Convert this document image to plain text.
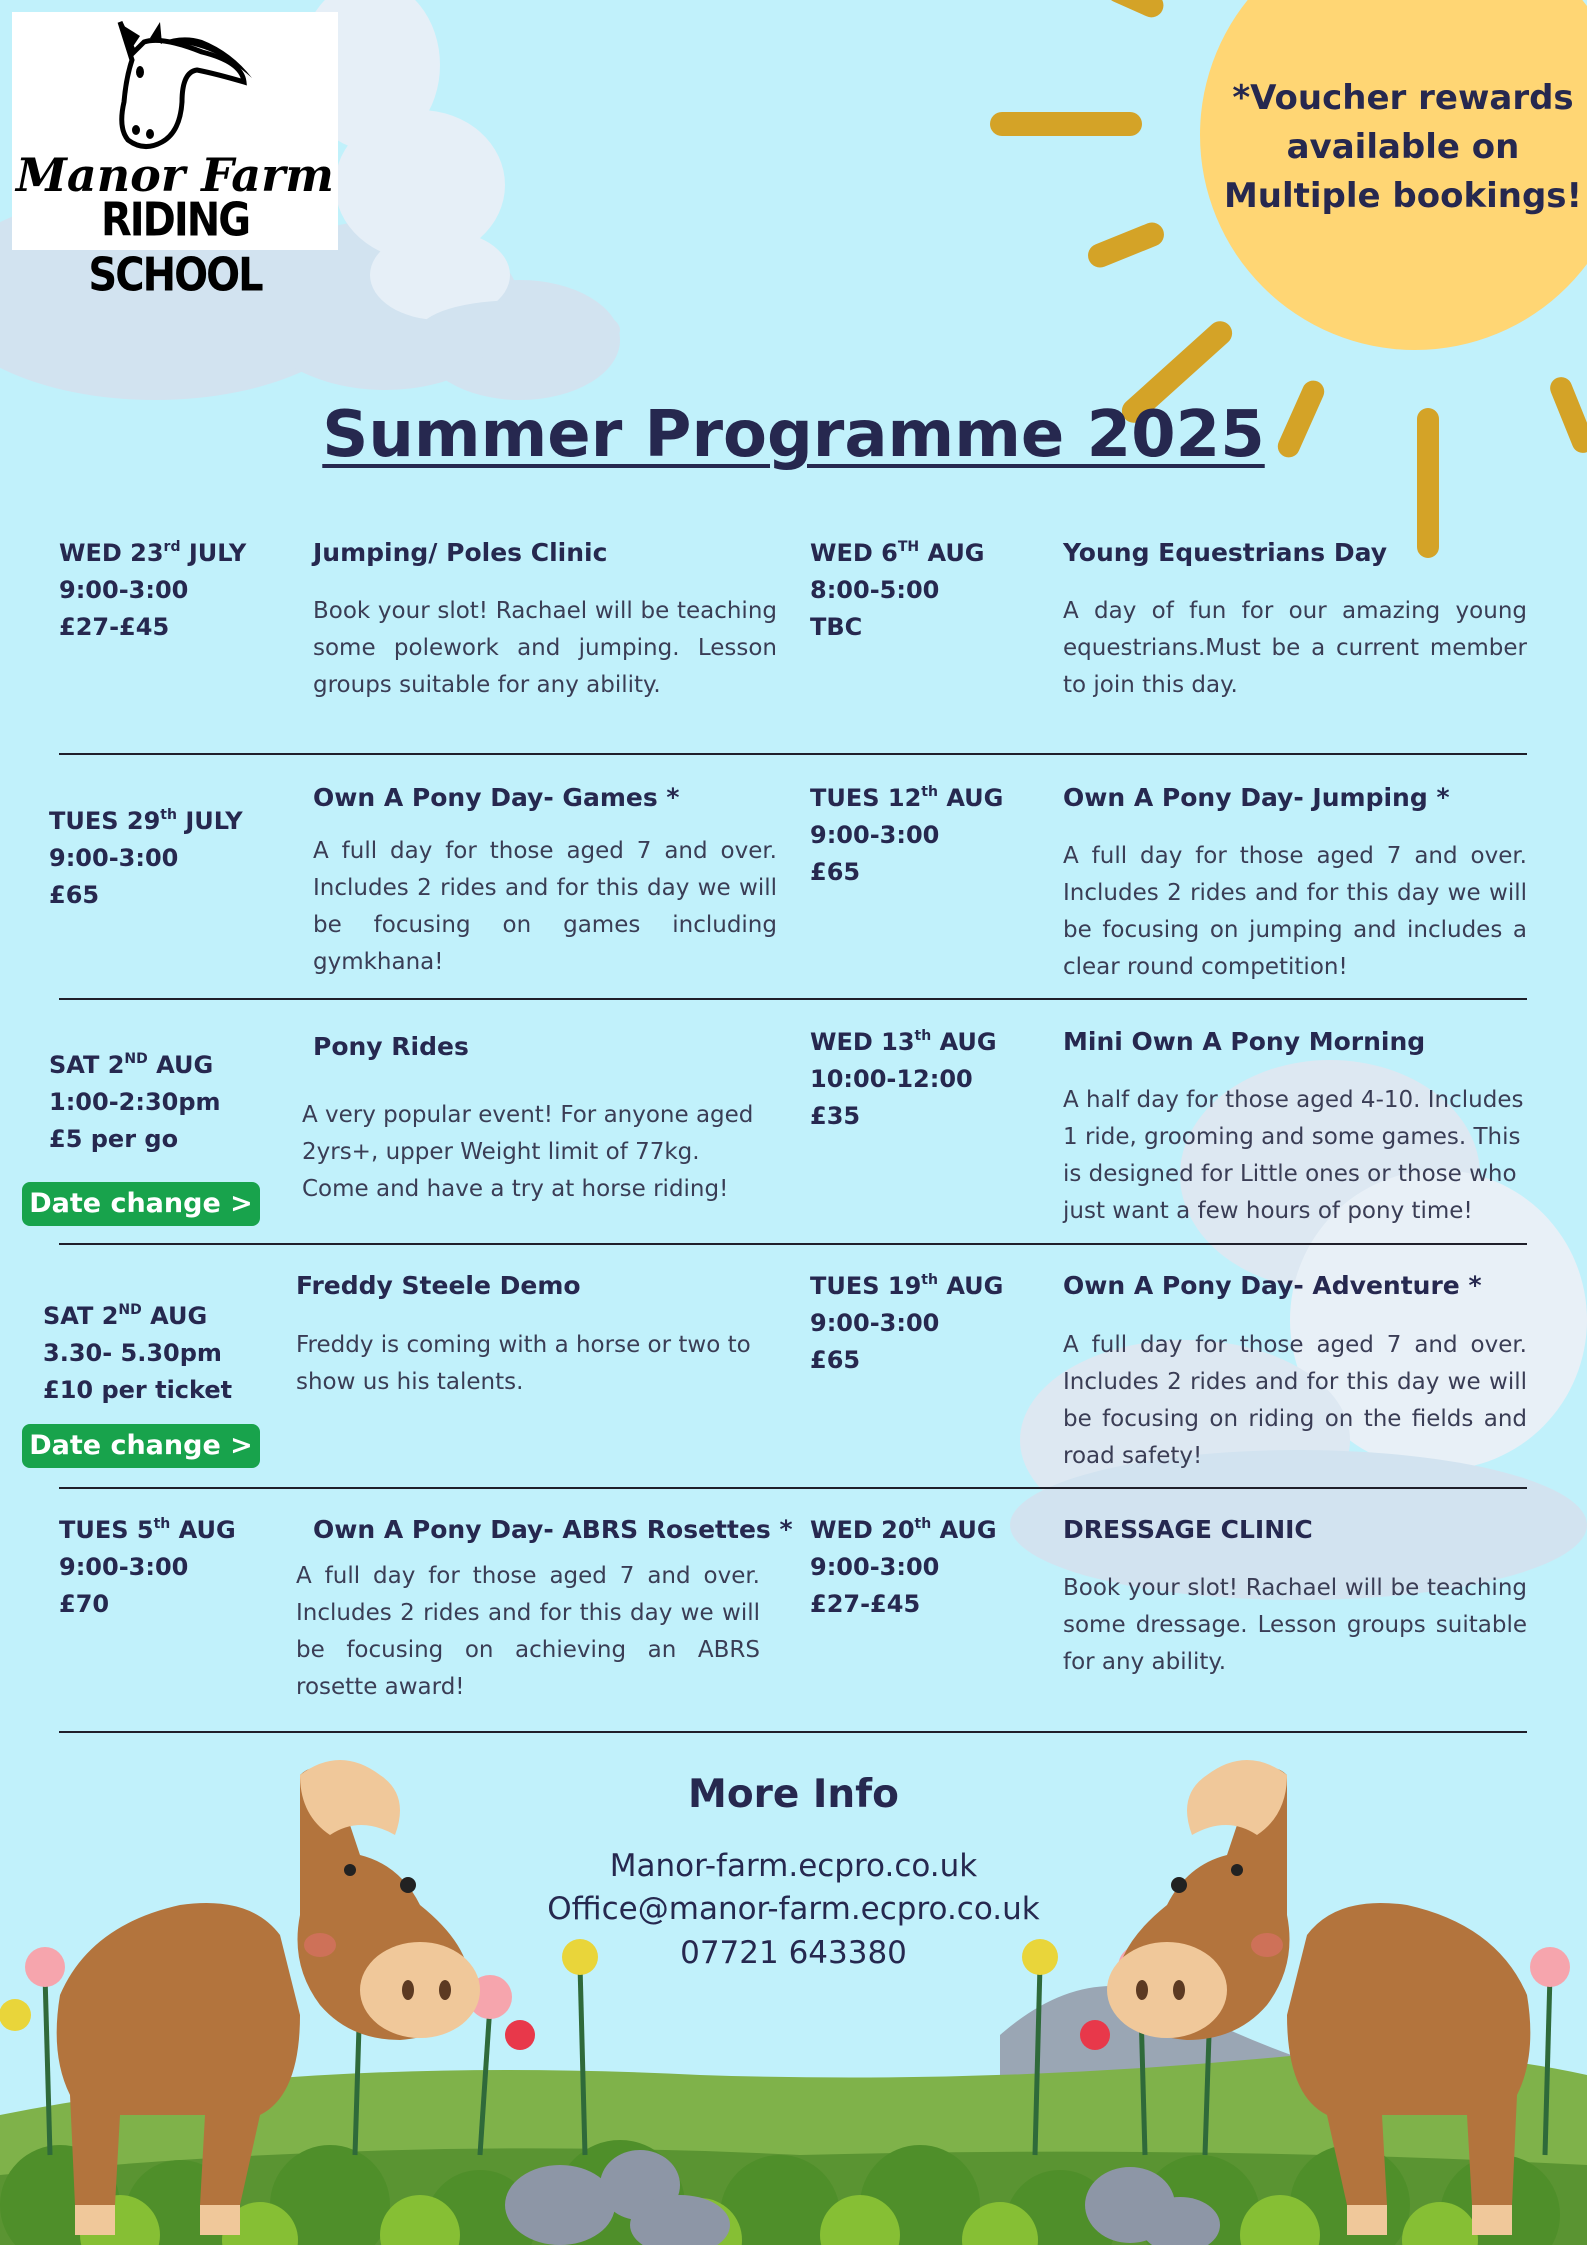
*Voucher rewards
available on
Multiple bookings!
Manor Farm
RIDING SCHOOL
Summer Programme 2025
WED 23rd JULY
9:00-3:00
£27-£45
Jumping/ Poles Clinic
Book your slot! Rachael will be teaching some polework and jumping. Lesson groups suitable for any ability.
WED 6TH AUG
8:00-5:00
TBC
Young Equestrians Day
A day of fun for our amazing young equestrians.Must be a current member to join this day.
TUES 29th JULY
9:00-3:00
£65
Own A Pony Day- Games *
A full day for those aged 7 and over. Includes 2 rides and for this day we will be focusing on games including gymkhana!
TUES 12th AUG
9:00-3:00
£65
Own A Pony Day- Jumping *
A full day for those aged 7 and over. Includes 2 rides and for this day we will be focusing on jumping and includes a clear round competition!
SAT 2ND AUG
1:00-2:30pm
£5 per go
Date change >
Pony Rides
A very popular event! For anyone aged
2yrs+, upper Weight limit of 77kg.
Come and have a try at horse riding!
WED 13th AUG
10:00-12:00
£35
Mini Own A Pony Morning
A half day for those aged 4-10. Includes 1 ride, grooming and some games. This is designed for Little ones or those who just want a few hours of pony time!
SAT 2ND AUG
3.30- 5.30pm
£10 per ticket
Date change >
Freddy Steele Demo
Freddy is coming with a horse or two to show us his talents.
TUES 19th AUG
9:00-3:00
£65
Own A Pony Day- Adventure *
A full day for those aged 7 and over. Includes 2 rides and for this day we will be focusing on riding on the fields and road safety!
TUES 5th AUG
9:00-3:00
£70
Own A Pony Day- ABRS Rosettes *
A full day for those aged 7 and over. Includes 2 rides and for this day we will be focusing on achieving an ABRS rosette award!
WED 20th AUG
9:00-3:00
£27-£45
DRESSAGE CLINIC
Book your slot! Rachael will be teaching some dressage. Lesson groups suitable for any ability.
More Info
Manor-farm.ecpro.co.uk
Office@manor-farm.ecpro.co.uk
07721 643380
